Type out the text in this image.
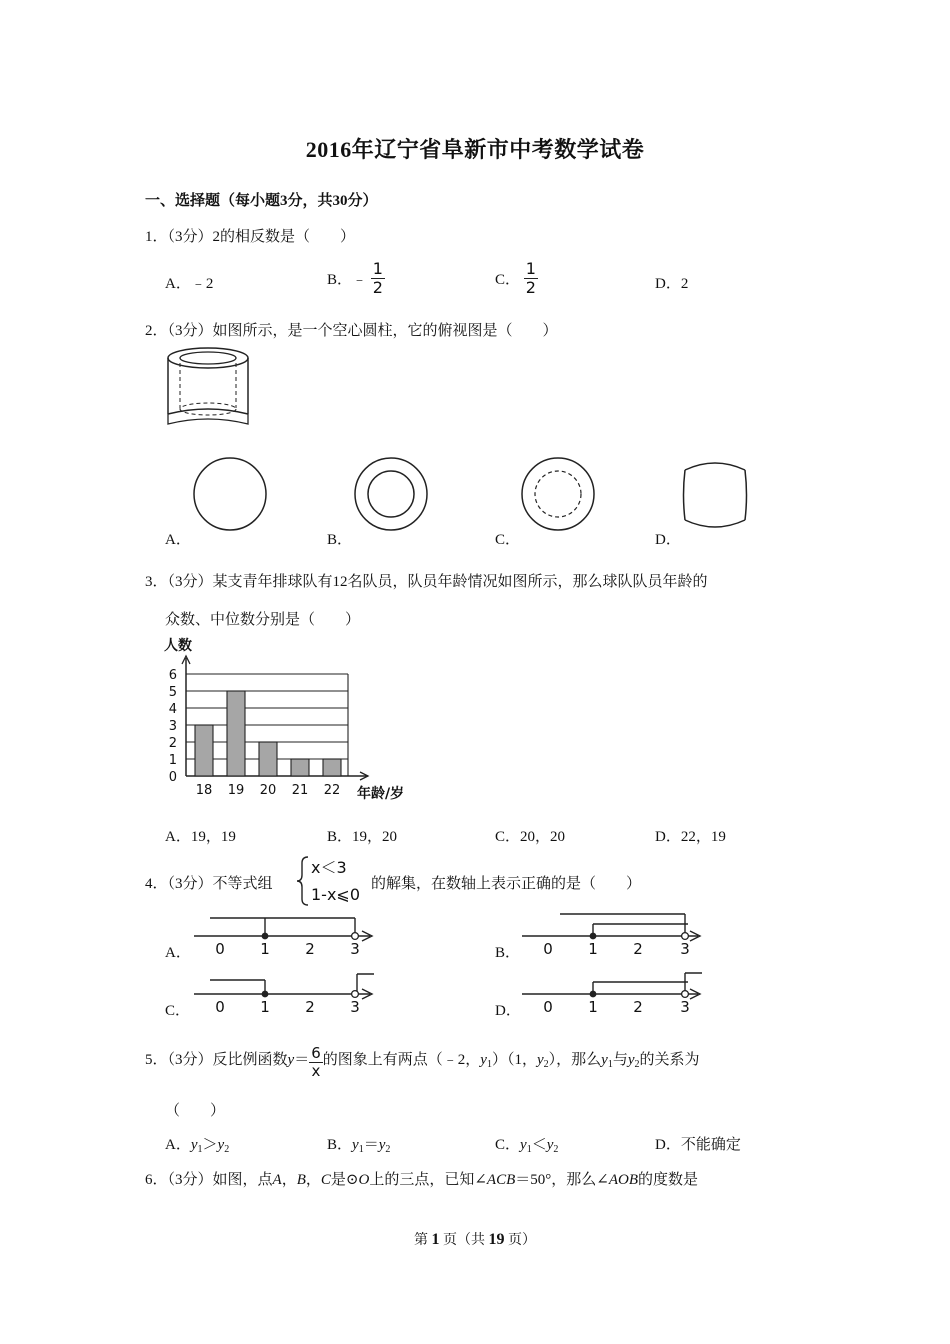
2016年辽宁省阜新市中考数学试卷
一、选择题（每小题3分，共30分）
1．（3分）2的相反数是（　　）
A．﹣2	B．﹣ $\frac{1}{2}$	C． $\frac{1}{2}$	D．2
2．（3分）如图所示，是一个空心圆柱，它的俯视图是（　　）
A．	B．	C．	D．
3．（3分）某支青年排球队有12名队员，队员年龄情况如图所示，那么球队队员年龄的
众数、中位数分别是（　　）
人数
年龄/岁
0
1
2
3
4
5
6
18 19 20 21 22
A．19，19	B．19，20	C．20，20	D．22，19
4．（3分）不等式组
x＜3
1-x⩽0
的解集，在数轴上表示正确的是（　　）
A．	B．
C．	D．
0 1 2 3	0 1 2 3
0 1 2 3	0 1 2 3
5．（3分）反比例函数$y= \frac{6}{x}$ 的图象上有两点（﹣2，$y_1)(1$，$y_2$），那么$y_1$与$y_2$的关系为
（　　）
A．$y_1>y_2$	B．$y_1=y_2$	C．$y_1<y_2$	D．不能确定
6．（3分）如图，点A，B，C是⊙O上的三点，已知∠ACB＝50°，那么∠AOB的度数是
第 1 页（共 19 页）
